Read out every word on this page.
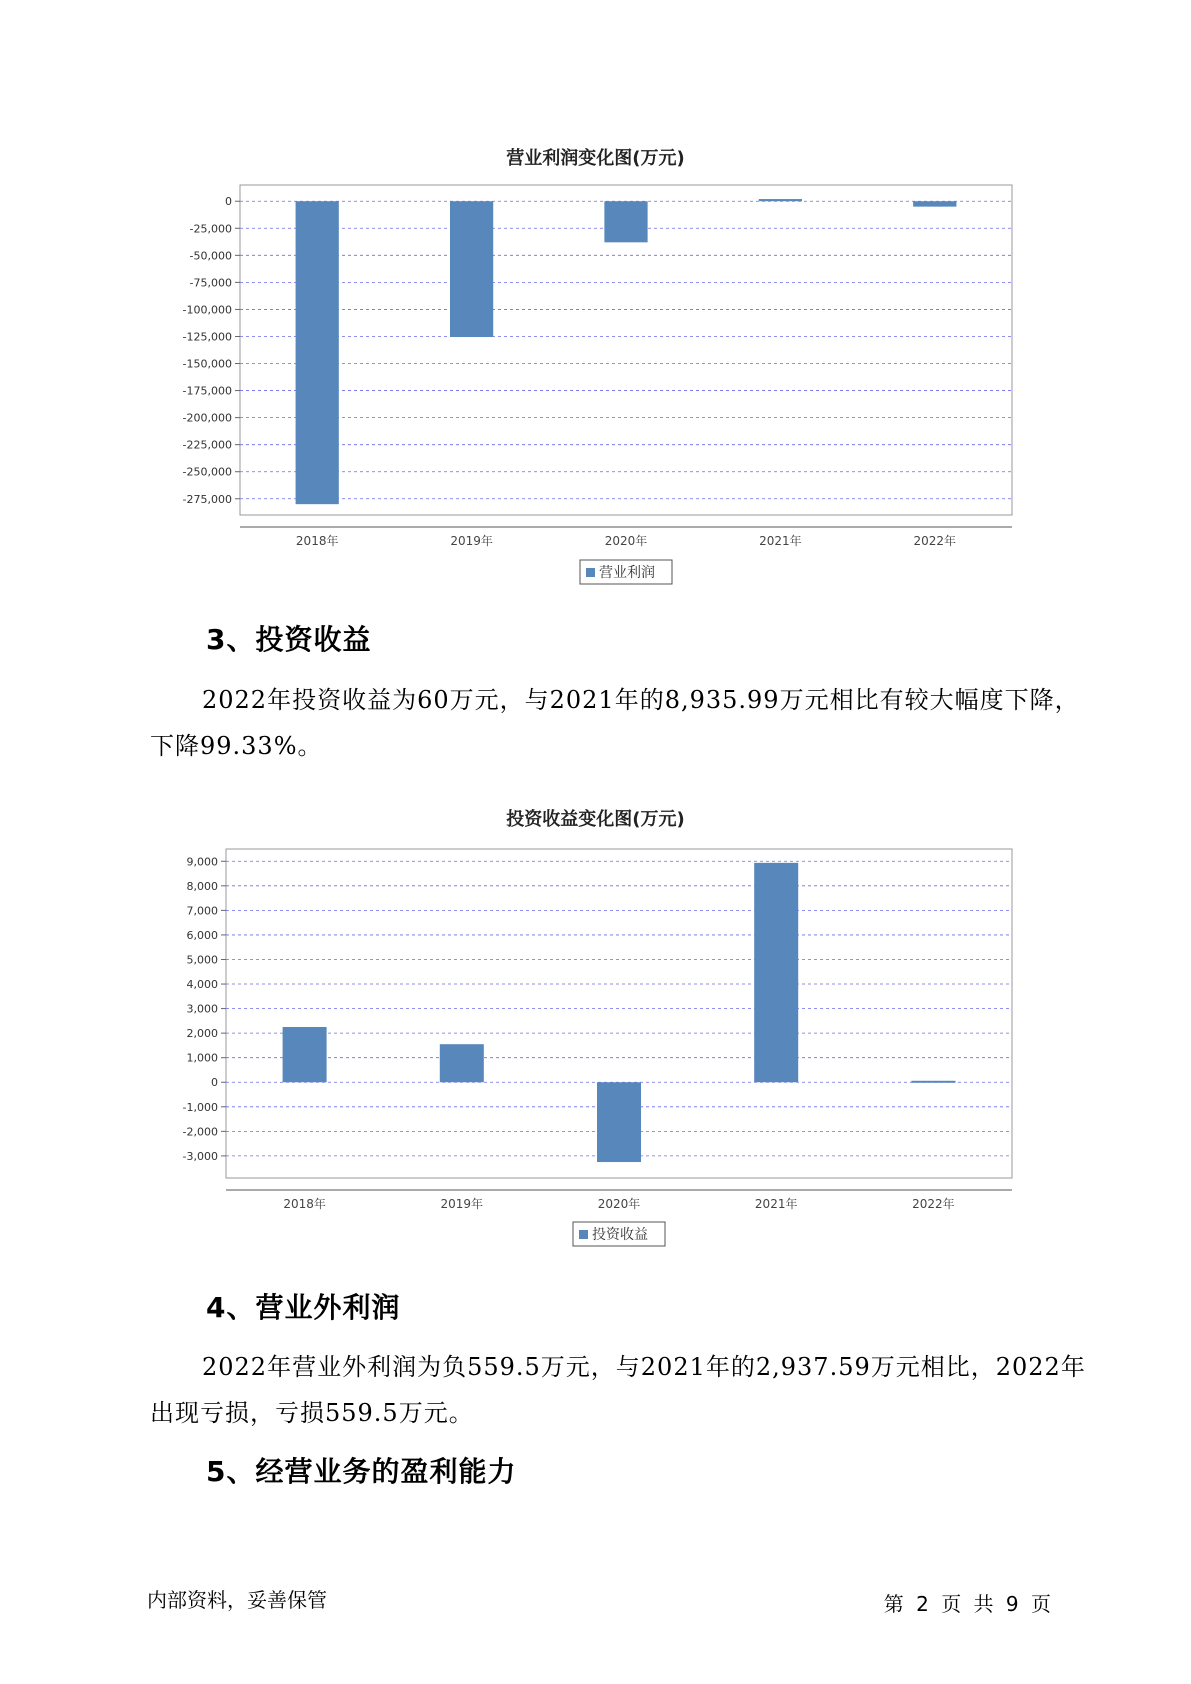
营业利润变化图(万元)
0
-25,000
-50,000
-75,000
-100,000
-125,000
-150,000
-175,000
-200,000
-225,000
-250,000
-275,000
2018年	2019年	2020年	2021年	2022年
营业利润
3、投资收益

2022年投资收益为60万元，与2021年的8,935.99万元相比有较大幅度下降，下降99.33%。

投资收益变化图(万元)
9,000
8,000
7,000
6,000
5,000
4,000
3,000
2,000
1,000
0
-1,000
-2,000
-3,000
2018年	2019年	2020年	2021年	2022年
投资收益
4、营业外利润

2022年营业外利润为负559.5万元，与2021年的2,937.59万元相比，2022年出现亏损，亏损559.5万元。

5、经营业务的盈利能力
内部资料，妥善保管	第 2 页 共 9 页
